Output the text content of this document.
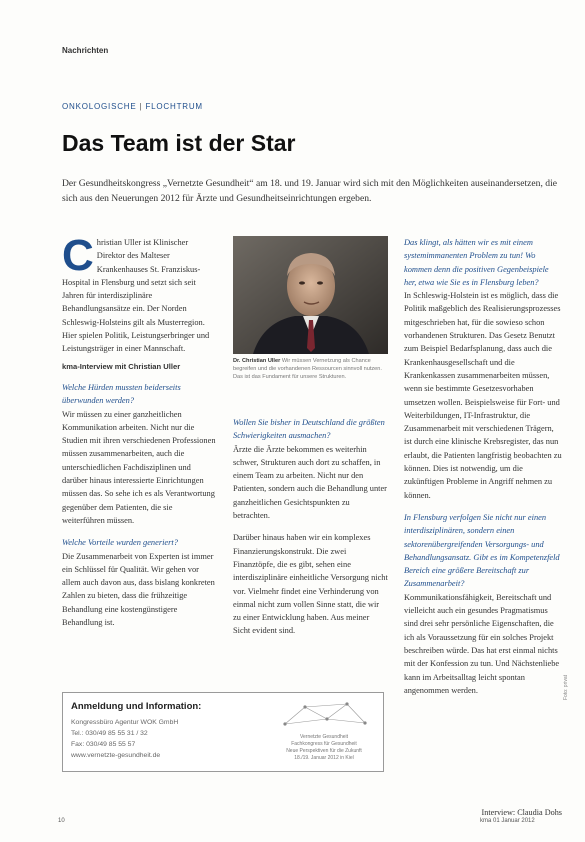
Nachrichten
ONKOLOGISCHE | FLOCHTRUM
Das Team ist der Star

Der Gesundheitskongress „Vernetzte Gesundheit“ am 18. und 19. Januar wird sich mit den Möglichkeiten auseinandersetzen, die sich aus den Neuerungen 2012 für Ärzte und Gesundheitseinrichtungen ergeben.

Christian Uller ist Klinischer Direktor des Malteser Krankenhauses St. Franziskus-Hospital in Flensburg und setzt sich seit Jahren für interdisziplinäre Behandlungsansätze ein. Der Norden Schleswig-Holsteins gilt als Musterregion. Hier spielen Politik, Leistungserbringer und Leistungsträger in einer Mannschaft.

kma-Interview mit Christian Uller

Welche Hürden mussten beiderseits überwunden werden?

Wir müssen zu einer ganzheitlichen Kommunikation arbeiten. Nicht nur die Studien mit ihren verschiedenen Professionen müssen zusammenarbeiten, auch die unterschiedlichen Fachdisziplinen und darüber hinaus interessierte Einrichtungen müssen das. So sehe ich es als Verantwortung gegenüber dem Patienten, die sie weiterführen müssen.

Welche Vorteile wurden generiert?

Die Zusammenarbeit von Experten ist immer ein Schlüssel für Qualität. Wir gehen vor allem auch davon aus, dass bislang konkreten Zahlen zu bieten, dass die frühzeitige Behandlung eine kostengünstigere Behandlung ist.

Dr. Christian Uller Wir müssen Vernetzung als Chance begreifen und die vorhandenen Ressourcen sinnvoll nutzen. Das ist das Fundament für unsere Strukturen.

Wollen Sie bisher in Deutschland die größten Schwierigkeiten ausmachen?

Ärzte die Ärzte bekommen es weiterhin schwer, Strukturen auch dort zu schaffen, in einem Team zu arbeiten. Nicht nur den Patienten, sondern auch die Behandlung unter ganzheitlichen Gesichtspunkten zu betrachten.

Darüber hinaus haben wir ein komplexes Finanzierungskonstrukt. Die zwei Finanztöpfe, die es gibt, sehen eine interdisziplinäre einheitliche Versorgung nicht vor. Vielmehr findet eine Verhinderung von einmal nicht zum vollen Sinne statt, die wir zu einer Entwicklung haben. Aus meiner Sicht evident sind.

Das klingt, als hätten wir es mit einem systemimmanenten Problem zu tun! Wo kommen denn die positiven Gegenbeispiele her, etwa wie Sie es in Flensburg leben?

In Schleswig-Holstein ist es möglich, dass die Politik maßgeblich des Realisierungsprozesses mitgeschrieben hat, für die sowieso schon vorhandenen Strukturen. Das Gesetz Benutzt zum Beispiel Bedarfsplanung, dass auch die Krankenhausgesellschaft und die Krankenkassen zusammenarbeiten müssen, wenn sie bestimmte Gesetzesvorhaben umsetzen wollen. Beispielsweise für Fort- und Weiterbildungen, IT-Infrastruktur, die Zusammenarbeit mit verschiedenen Trägern, ist durch eine klinische Krebsregister, das nun erlaubt, die Patienten langfristig beobachten zu können. Dies ist notwendig, um die zukünftigen Probleme in Angriff nehmen zu können.

In Flensburg verfolgen Sie nicht nur einen interdisziplinären, sondern einen sektorenübergreifenden Versorgungs- und Behandlungsansatz. Gibt es im Kompetenzfeld Bereich eine größere Bereitschaft zur Zusammenarbeit?

Kommunikationsfähigkeit, Bereitschaft und vielleicht auch ein gesundes Pragmatismus sind drei sehr persönliche Eigenschaften, die ich als Voraussetzung für ein solches Projekt beschreiben würde. Das hat erst einmal nichts mit der Konfession zu tun. Und Nächstenliebe kann im Arbeitsalltag leicht spontan angenommen werden.

Interview: Claudia Dohs
Anmeldung und Information:
Kongressbüro Agentur WOK GmbH
Tel.: 030/49 85 55 31 / 32
Fax: 030/49 85 55 57
www.vernetzte-gesundheit.de
Vernetzte Gesundheit
Fachkongress für Gesundheit
Neue Perspektiven für die Zukunft
18./19. Januar 2012 in Kiel
10	kma 01 Januar 2012
Foto: privat
